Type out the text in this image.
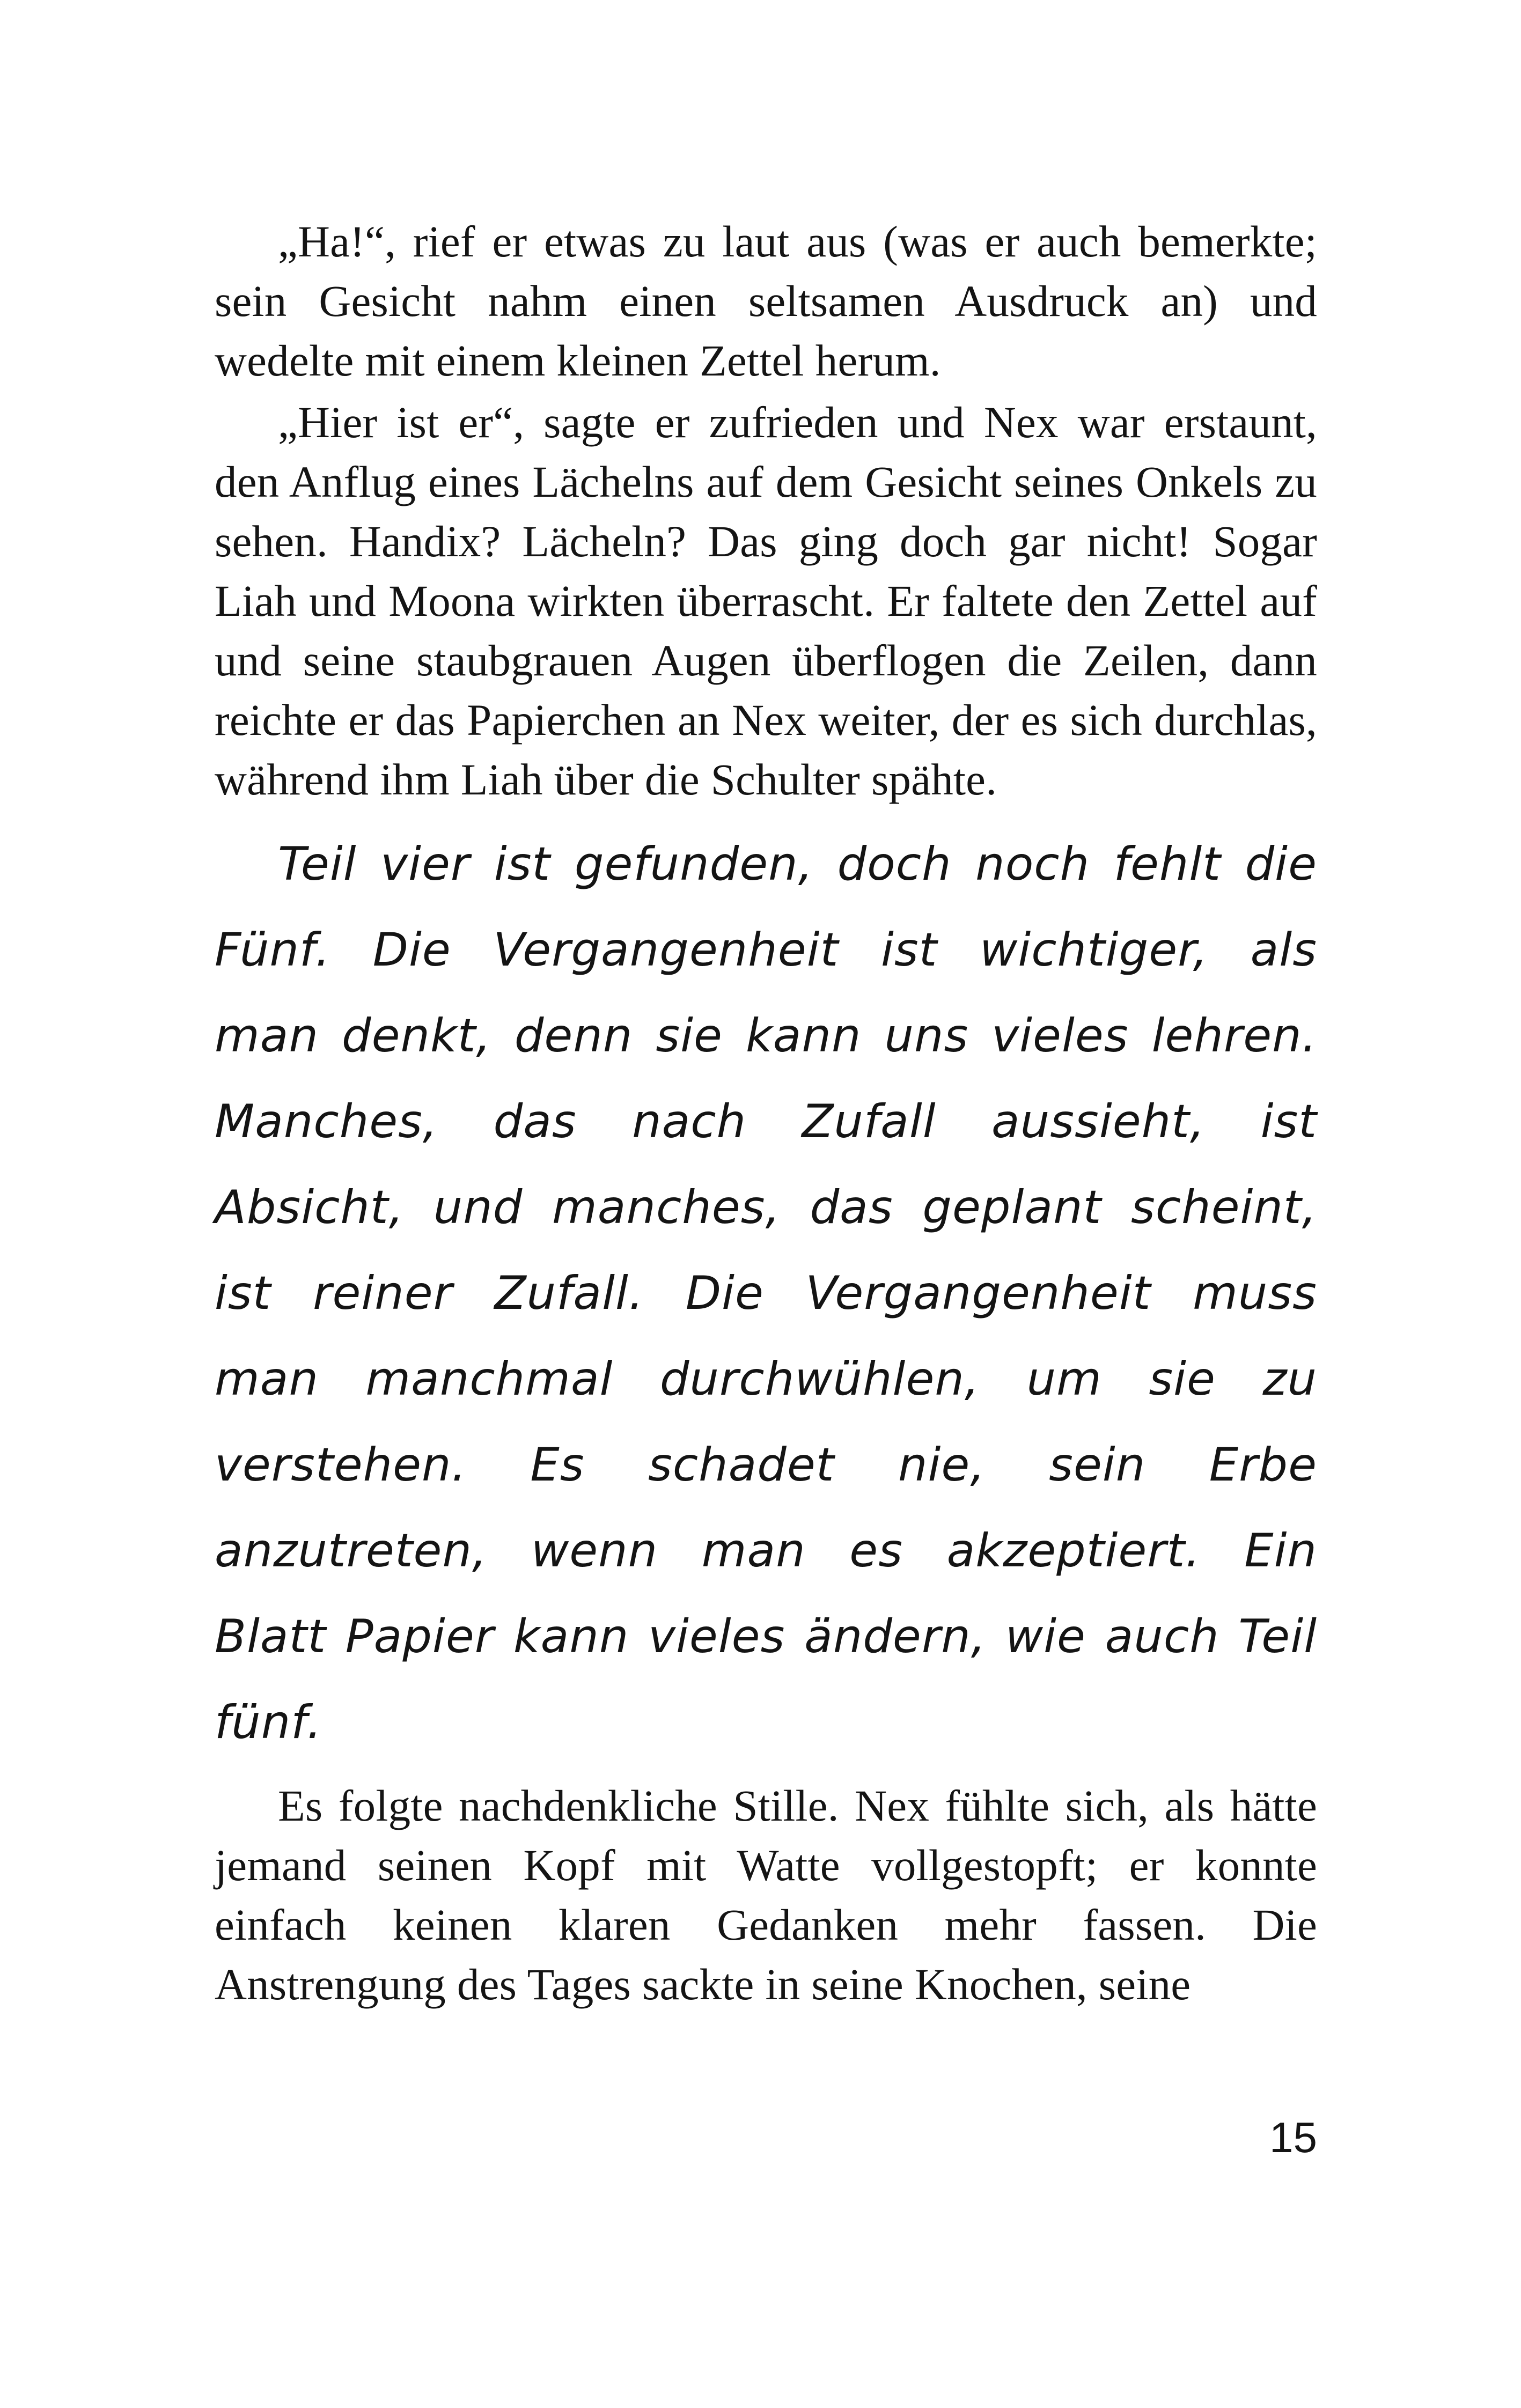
„Ha!“, rief er etwas zu laut aus (was er auch bemerkte; sein Gesicht nahm einen seltsamen Ausdruck an) und wedelte mit einem kleinen Zettel herum.

„Hier ist er“, sagte er zufrieden und Nex war erstaunt, den Anflug eines Lächelns auf dem Gesicht seines Onkels zu sehen. Handix? Lächeln? Das ging doch gar nicht! Sogar Liah und Moona wirkten überrascht. Er faltete den Zettel auf und seine staubgrauen Augen überflogen die Zeilen, dann reichte er das Papierchen an Nex weiter, der es sich durchlas, während ihm Liah über die Schulter spähte.

Teil vier ist gefunden, doch noch fehlt die Fünf. Die Vergangenheit ist wichtiger, als man denkt, denn sie kann uns vieles lehren. Manches, das nach Zufall aussieht, ist Absicht, und manches, das geplant scheint, ist reiner Zufall. Die Vergangenheit muss man manchmal durchwühlen, um sie zu verstehen. Es schadet nie, sein Erbe anzutreten, wenn man es akzeptiert. Ein Blatt Papier kann vieles ändern, wie auch Teil fünf.

Es folgte nachdenkliche Stille. Nex fühlte sich, als hätte jemand seinen Kopf mit Watte vollgestopft; er konnte einfach keinen klaren Gedanken mehr fassen. Die Anstrengung des Tages sackte in seine Knochen, seine

15
